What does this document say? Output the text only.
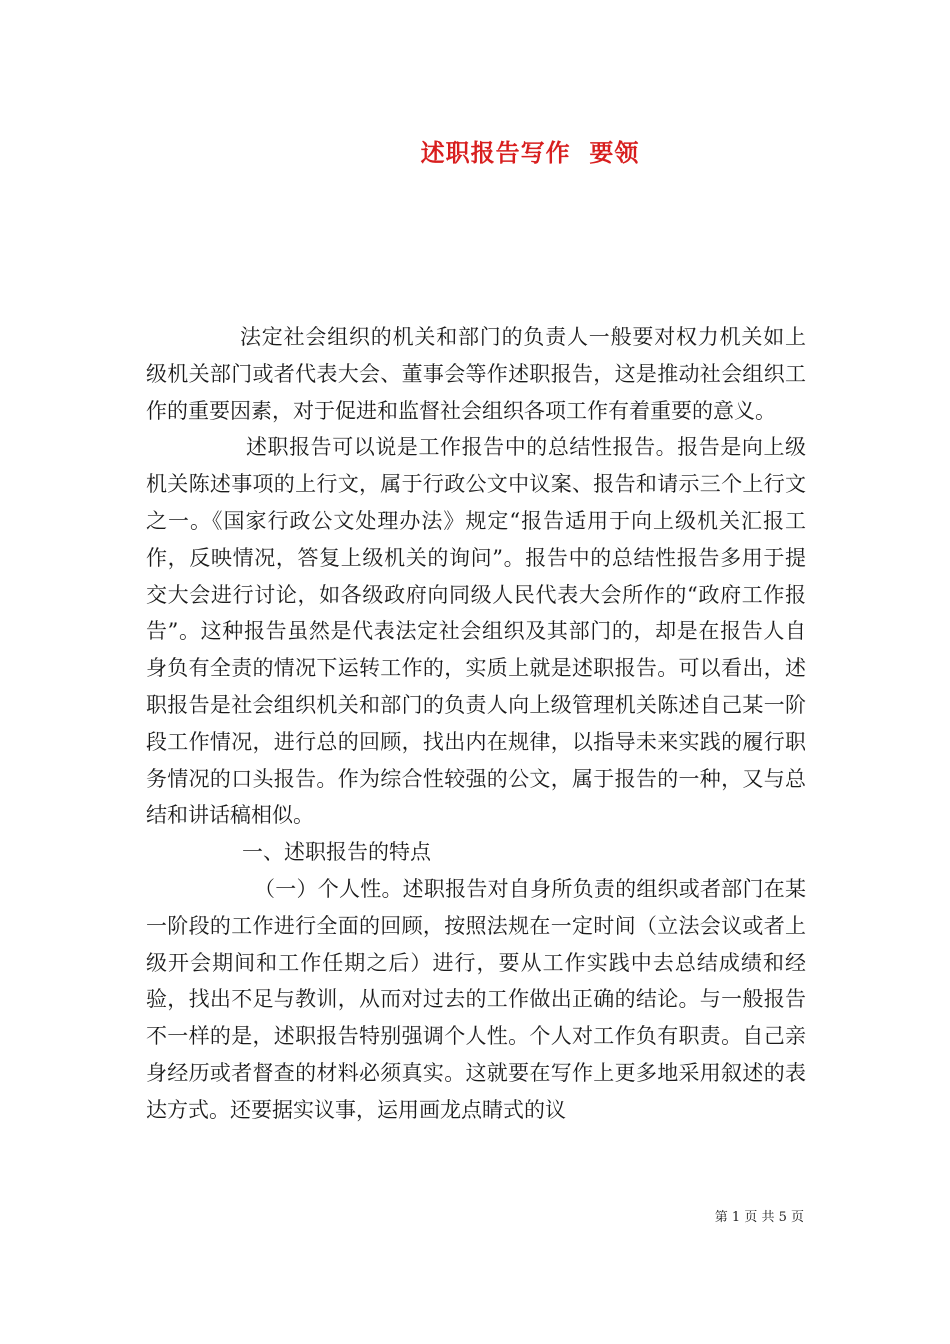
述职报告写作  要领

法定社会组织的机关和部门的负责人一般要对权力机关如上级机关部门或者代表大会、董事会等作述职报告，这是推动社会组织工作的重要因素，对于促进和监督社会组织各项工作有着重要的意义。

述职报告可以说是工作报告中的总结性报告。报告是向上级机关陈述事项的上行文，属于行政公文中议案、报告和请示三个上行文之一。《国家行政公文处理办法》规定“报告适用于向上级机关汇报工作，反映情况，答复上级机关的询问”。报告中的总结性报告多用于提交大会进行讨论，如各级政府向同级人民代表大会所作的“政府工作报告”。这种报告虽然是代表法定社会组织及其部门的，却是在报告人自身负有全责的情况下运转工作的，实质上就是述职报告。可以看出，述职报告是社会组织机关和部门的负责人向上级管理机关陈述自己某一阶段工作情况，进行总的回顾，找出内在规律，以指导未来实践的履行职务情况的口头报告。作为综合性较强的公文，属于报告的一种，又与总结和讲话稿相似。

一、述职报告的特点

（一）个人性。述职报告对自身所负责的组织或者部门在某一阶段的工作进行全面的回顾，按照法规在一定时间（立法会议或者上级开会期间和工作任期之后）进行，要从工作实践中去总结成绩和经验，找出不足与教训，从而对过去的工作做出正确的结论。与一般报告不一样的是，述职报告特别强调个人性。个人对工作负有职责。自己亲身经历或者督查的材料必须真实。这就要在写作上更多地采用叙述的表达方式。还要据实议事，运用画龙点睛式的议

第 1 页 共 5 页
